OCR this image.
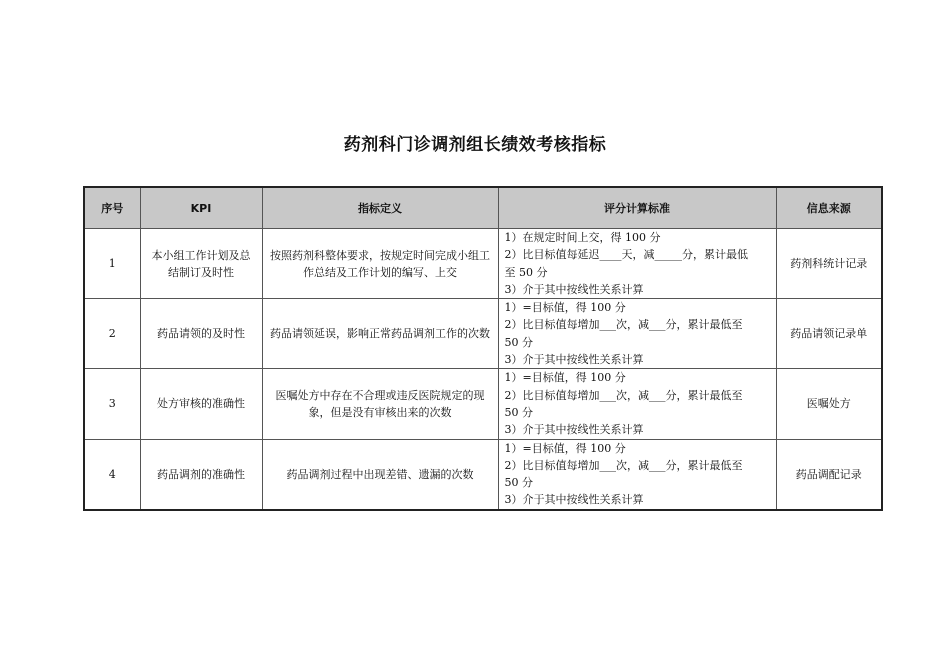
药剂科门诊调剂组长绩效考核指标
序号	KPI	指标定义	评分计算标准	信息来源
1	本小组工作计划及总结制订及时性	按照药剂科整体要求，按规定时间完成小组工作总结及工作计划的编写、上交	1）在规定时间上交，得 100 分
2）比目标值每延迟____天，减_____分，累计最低
至 50 分
3）介于其中按线性关系计算	药剂科统计记录
2	药品请领的及时性	药品请领延误，影响正常药品调剂工作的次数	1）=目标值，得 100 分
2）比目标值每增加___次，减___分，累计最低至
50 分
3）介于其中按线性关系计算	药品请领记录单
3	处方审核的准确性	医嘱处方中存在不合理或违反医院规定的现象，但是没有审核出来的次数	1）=目标值，得 100 分
2）比目标值每增加___次，减___分，累计最低至
50 分
3）介于其中按线性关系计算	医嘱处方
4	药品调剂的准确性	药品调剂过程中出现差错、遗漏的次数	1）=目标值，得 100 分
2）比目标值每增加___次，减___分，累计最低至
50 分
3）介于其中按线性关系计算	药品调配记录
